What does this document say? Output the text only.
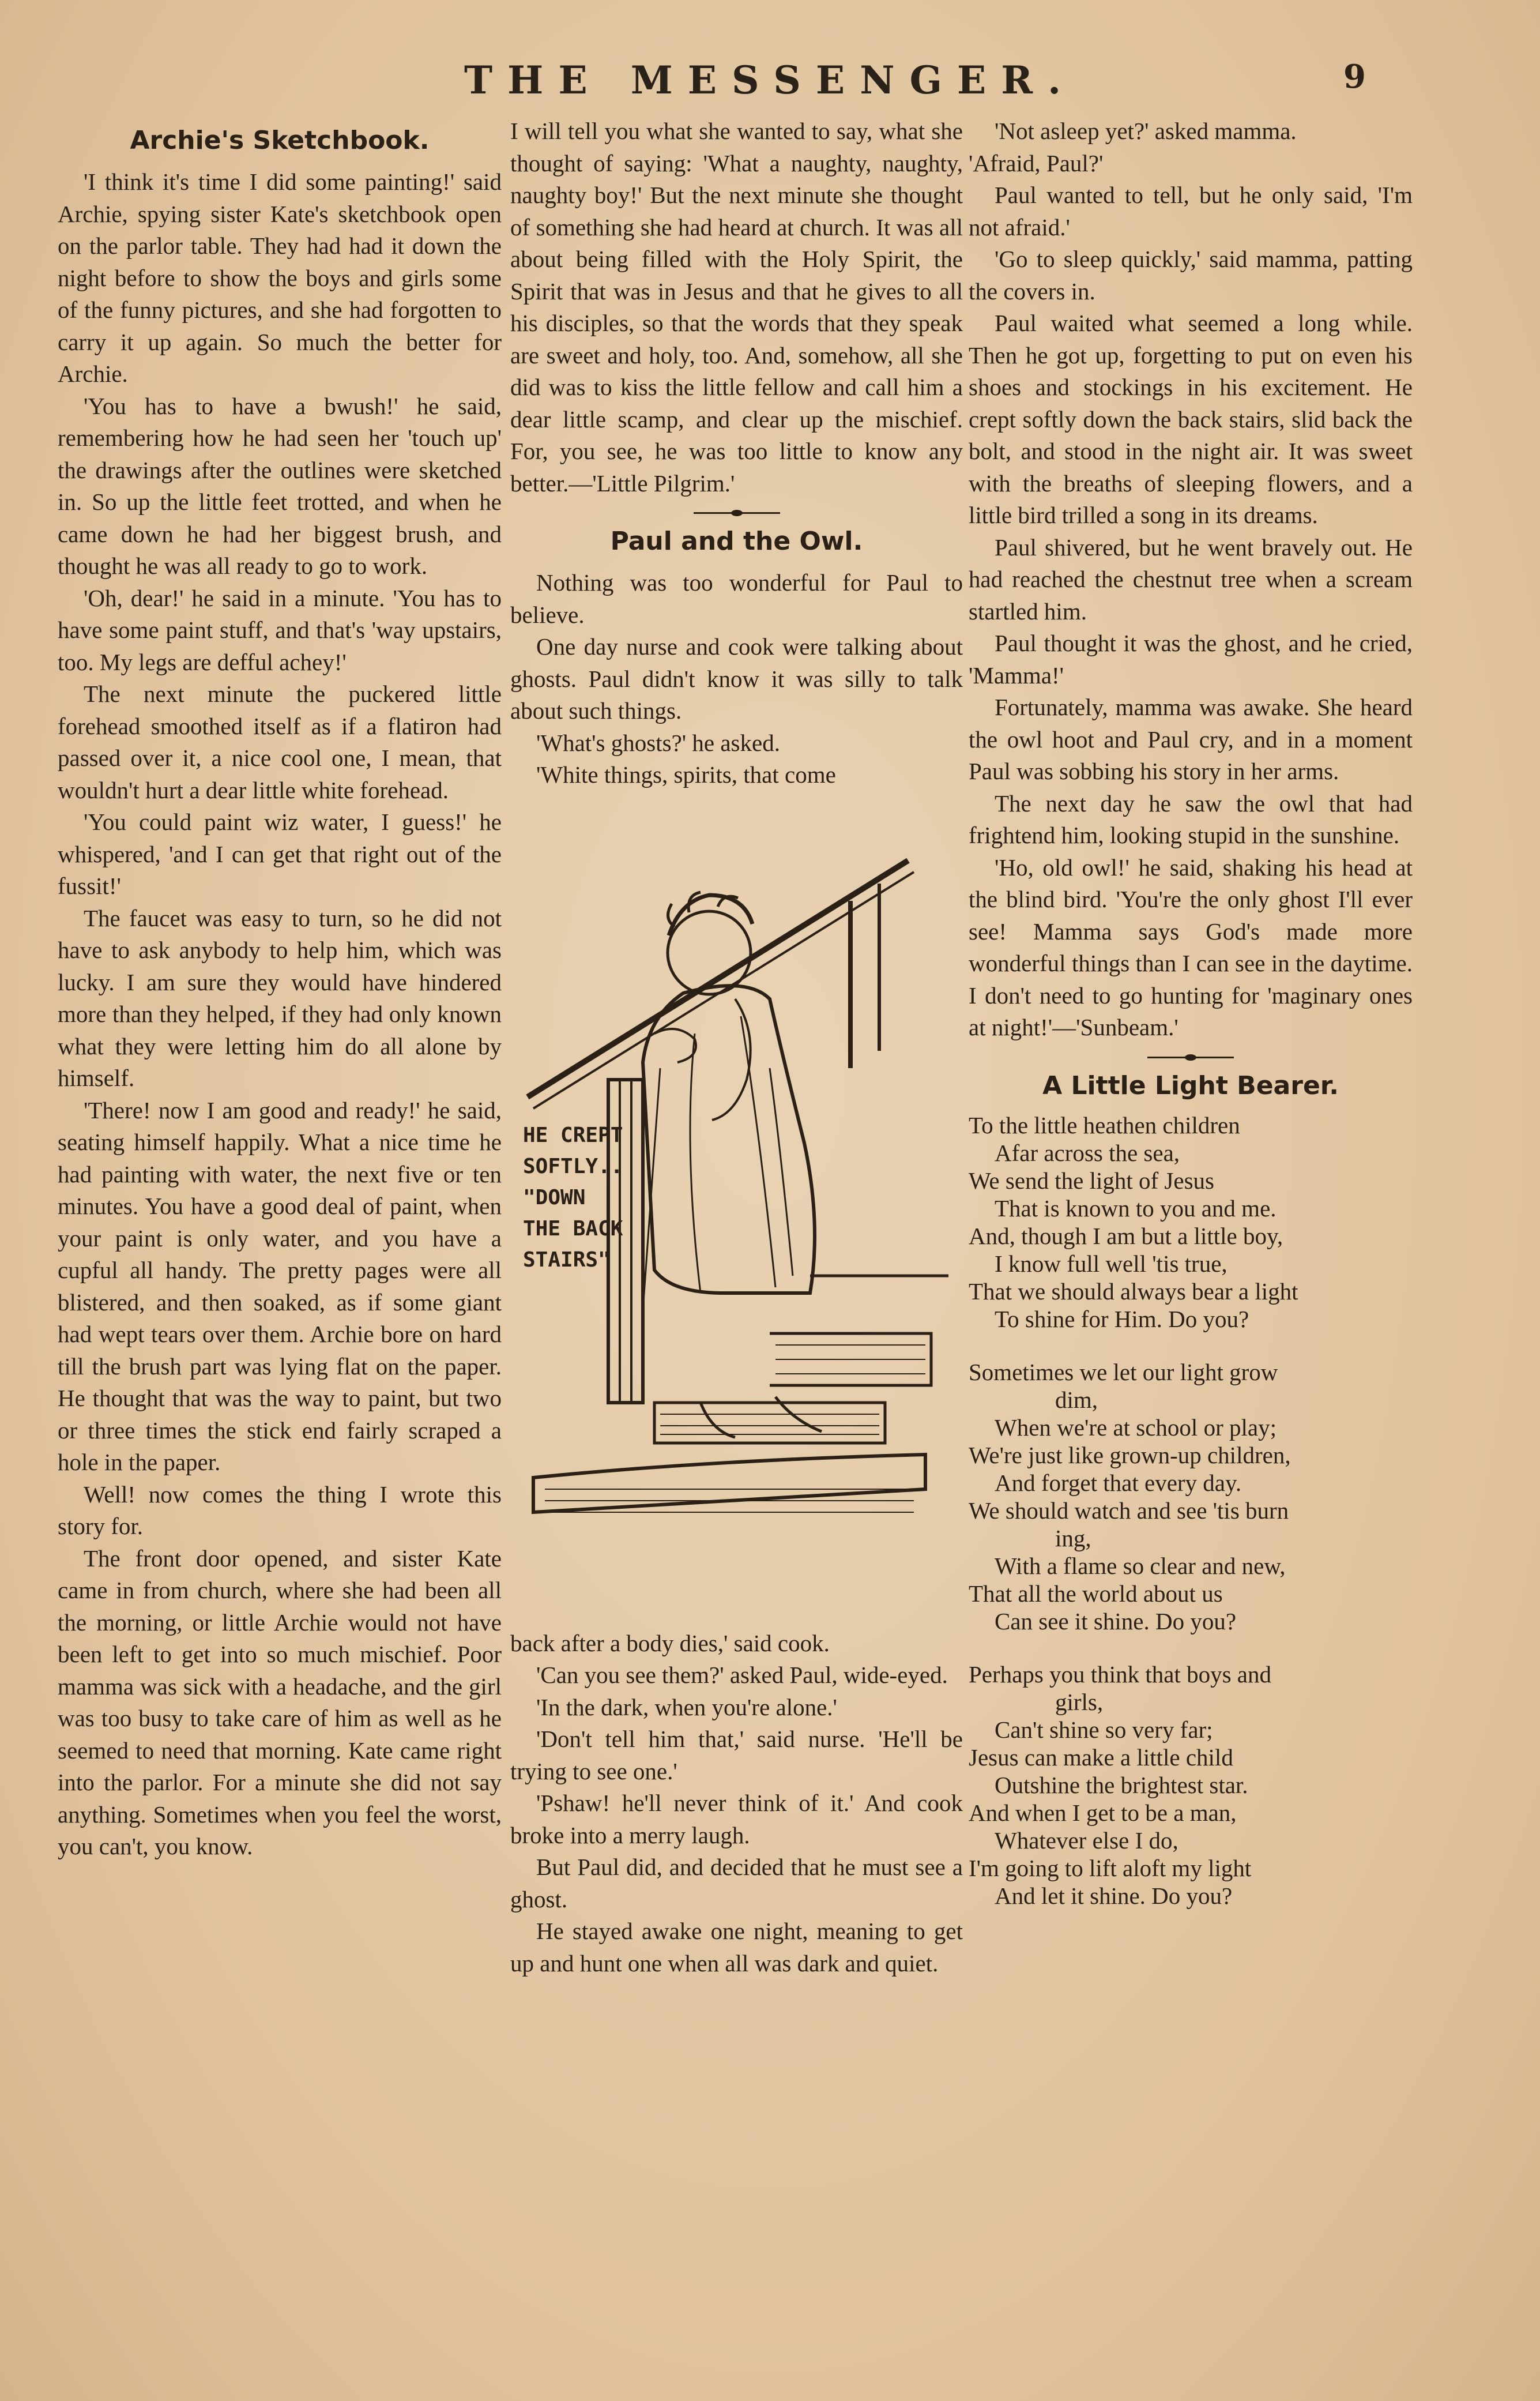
THE MESSENGER.	9
Archie's Sketchbook.

'I think it's time I did some painting!' said Archie, spying sister Kate's sketchbook open on the parlor table. They had had it down the night before to show the boys and girls some of the funny pictures, and she had forgotten to carry it up again. So much the better for Archie.

'You has to have a bwush!' he said, remembering how he had seen her 'touch up' the drawings after the outlines were sketched in. So up the little feet trotted, and when he came down he had her biggest brush, and thought he was all ready to go to work.

'Oh, dear!' he said in a minute. 'You has to have some paint stuff, and that's 'way upstairs, too. My legs are defful achey!'

The next minute the puckered little forehead smoothed itself as if a flatiron had passed over it, a nice cool one, I mean, that wouldn't hurt a dear little white forehead.

'You could paint wiz water, I guess!' he whispered, 'and I can get that right out of the fussit!'

The faucet was easy to turn, so he did not have to ask anybody to help him, which was lucky. I am sure they would have hindered more than they helped, if they had only known what they were letting him do all alone by himself.

'There! now I am good and ready!' he said, seating himself happily. What a nice time he had painting with water, the next five or ten minutes. You have a good deal of paint, when your paint is only water, and you have a cupful all handy. The pretty pages were all blistered, and then soaked, as if some giant had wept tears over them. Archie bore on hard till the brush part was lying flat on the paper. He thought that was the way to paint, but two or three times the stick end fairly scraped a hole in the paper.

Well! now comes the thing I wrote this story for.

The front door opened, and sister Kate came in from church, where she had been all the morning, or little Archie would not have been left to get into so much mischief. Poor mamma was sick with a headache, and the girl was too busy to take care of him as well as he seemed to need that morning. Kate came right into the parlor. For a minute she did not say anything. Sometimes when you feel the worst, you can't, you know.

I will tell you what she wanted to say, what she thought of saying: 'What a naughty, naughty, naughty boy!' But the next minute she thought of something she had heard at church. It was all about being filled with the Holy Spirit, the Spirit that was in Jesus and that he gives to all his disciples, so that the words that they speak are sweet and holy, too. And, somehow, all she did was to kiss the little fellow and call him a dear little scamp, and clear up the mischief. For, you see, he was too little to know any better.—'Little Pilgrim.'

Paul and the Owl.

Nothing was too wonderful for Paul to believe.

One day nurse and cook were talking about ghosts. Paul didn't know it was silly to talk about such things.

'What's ghosts?' he asked.

'White things, spirits, that come

HE CREPT
SOFTLY..
"DOWN
THE BACK
STAIRS"

back after a body dies,' said cook.

'Can you see them?' asked Paul, wide-eyed.

'In the dark, when you're alone.'

'Don't tell him that,' said nurse. 'He'll be trying to see one.'

'Pshaw! he'll never think of it.' And cook broke into a merry laugh.

But Paul did, and decided that he must see a ghost.

He stayed awake one night, meaning to get up and hunt one when all was dark and quiet.

'Not asleep yet?' asked mamma.

'Afraid, Paul?'

Paul wanted to tell, but he only said, 'I'm not afraid.'

'Go to sleep quickly,' said mamma, patting the covers in.

Paul waited what seemed a long while. Then he got up, forgetting to put on even his shoes and stockings in his excitement. He crept softly down the back stairs, slid back the bolt, and stood in the night air. It was sweet with the breaths of sleeping flowers, and a little bird trilled a song in its dreams.

Paul shivered, but he went bravely out. He had reached the chestnut tree when a scream startled him.

Paul thought it was the ghost, and he cried, 'Mamma!'

Fortunately, mamma was awake. She heard the owl hoot and Paul cry, and in a moment Paul was sobbing his story in her arms.

The next day he saw the owl that had frightend him, looking stupid in the sunshine.

'Ho, old owl!' he said, shaking his head at the blind bird. 'You're the only ghost I'll ever see! Mamma says God's made more wonderful things than I can see in the daytime. I don't need to go hunting for 'maginary ones at night!'—'Sunbeam.'

A Little Light Bearer.
To the little heathen children
Afar across the sea,
We send the light of Jesus
That is known to you and me.
And, though I am but a little boy,
I know full well 'tis true,
That we should always bear a light
To shine for Him. Do you?
Sometimes we let our light grow
dim,
When we're at school or play;
We're just like grown-up children,
And forget that every day.
We should watch and see 'tis burn
ing,
With a flame so clear and new,
That all the world about us
Can see it shine. Do you?
Perhaps you think that boys and
girls,
Can't shine so very far;
Jesus can make a little child
Outshine the brightest star.
And when I get to be a man,
Whatever else I do,
I'm going to lift aloft my light
And let it shine. Do you?
